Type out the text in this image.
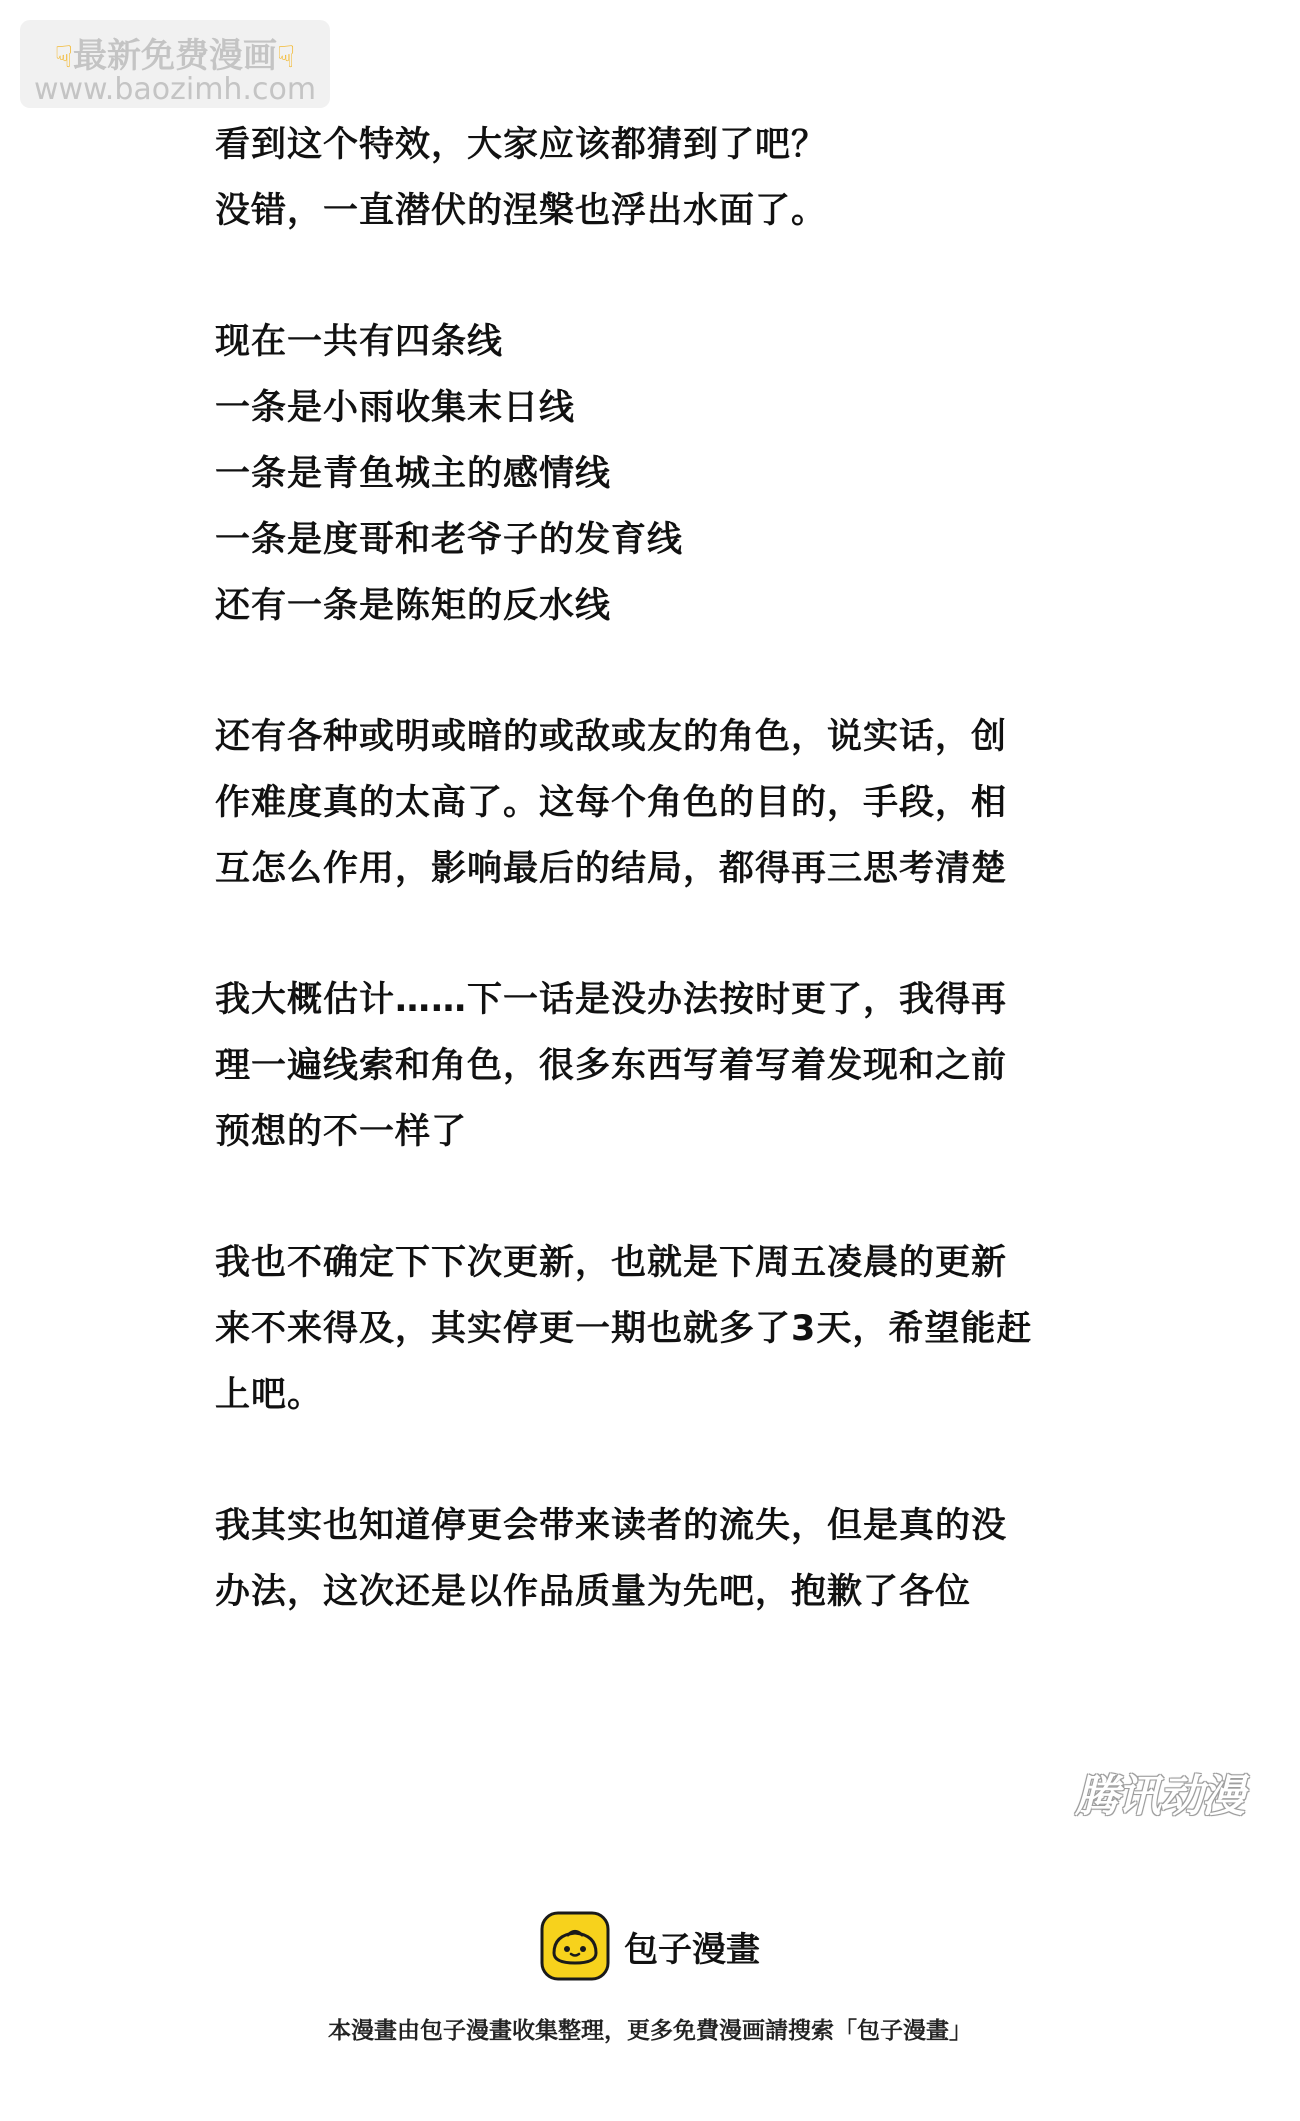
☟最新免费漫画☟
www.baozimh.com

看到这个特效，大家应该都猜到了吧？
没错，一直潜伏的涅槃也浮出水面了。

现在一共有四条线
一条是小雨收集末日线
一条是青鱼城主的感情线
一条是度哥和老爷子的发育线
还有一条是陈矩的反水线

还有各种或明或暗的或敌或友的角色，说实话，创
作难度真的太高了。这每个角色的目的，手段，相
互怎么作用，影响最后的结局，都得再三思考清楚

我大概估计……下一话是没办法按时更了，我得再
理一遍线索和角色，很多东西写着写着发现和之前
预想的不一样了

我也不确定下下次更新，也就是下周五凌晨的更新
来不来得及，其实停更一期也就多了3天，希望能赶
上吧。

我其实也知道停更会带来读者的流失，但是真的没
办法，这次还是以作品质量为先吧，抱歉了各位

腾讯动漫
包子漫畫
本漫畫由包子漫畫收集整理，更多免費漫画請搜索「包子漫畫」
